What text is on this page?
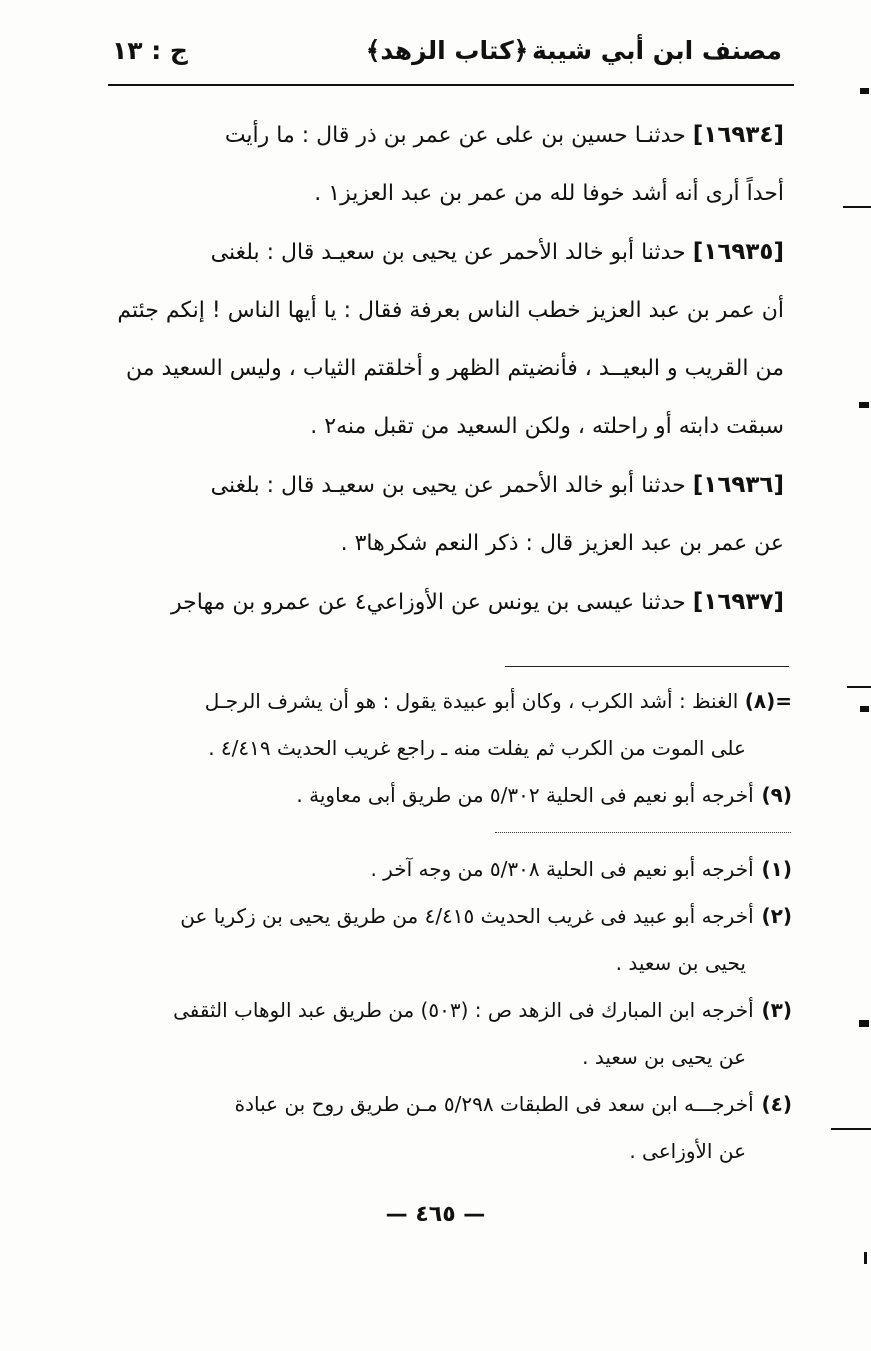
مصنف ابن أبي شيبة
﴿كتاب الزهد﴾
ج : ١٣
[١٦٩٣٤] حدثنـا حسين بن على عن عمر بن ذر قال : ما رأيت
أحداً أرى أنه أشد خوفا لله من عمر بن عبد العزيز١ .
[١٦٩٣٥] حدثنا أبو خالد الأحمر عن يحيى بن سعيـد قال : بلغنى
أن عمر بن عبد العزيز خطب الناس بعرفة فقال : يا أيها الناس ! إنكم جئتم
من القريب و البعيــد ، فأنضيتم الظهر و أخلقتم الثياب ، وليس السعيد من
سبقت دابته أو راحلته ، ولكن السعيد من تقبل منه٢ .
[١٦٩٣٦] حدثنا أبو خالد الأحمر عن يحيى بن سعيـد قال : بلغنى
عن عمر بن عبد العزيز قال : ذكر النعم شكرها٣ .
[١٦٩٣٧] حدثنا عيسى بن يونس عن الأوزاعي٤ عن عمرو بن مهاجر
=(٨) الغنظ : أشد الكرب ، وكان أبو عبيدة يقول : هو أن يشرف الرجـل
على الموت من الكرب ثم يفلت منه ـ راجع غريب الحديث ٤/٤١٩ .
(٩) أخرجه أبو نعيم فى الحلية ٥/٣٠٢ من طريق أبى معاوية .
(١) أخرجه أبو نعيم فى الحلية ٥/٣٠٨ من وجه آخر .
(٢) أخرجه أبو عبيد فى غريب الحديث ٤/٤١٥ من طريق يحيى بن زكريا عن
يحيى بن سعيد .
(٣) أخرجه ابن المبارك فى الزهد ص : (٥٠٣) من طريق عبد الوهاب الثقفى
عن يحيى بن سعيد .
(٤) أخرجـــه ابن سعد فى الطبقات ٥/٢٩٨ مـن طريق روح بن عبادة
عن الأوزاعى .
— ٤٦٥ —
